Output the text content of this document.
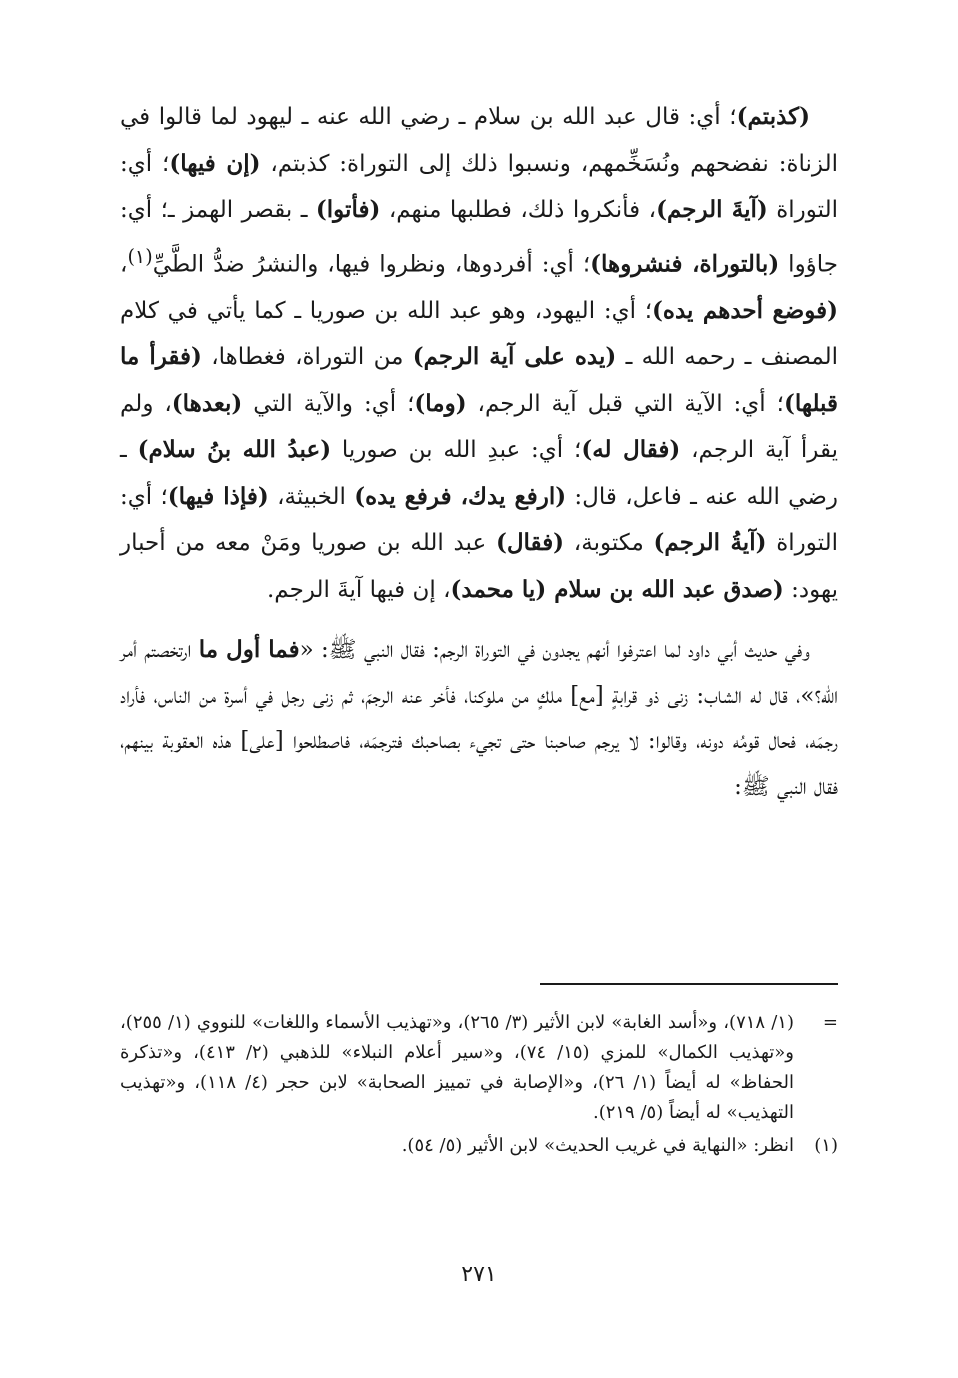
(كذبتم)؛ أي: قال عبد الله بن سلام ـ رضي الله عنه ـ ليهود لما قالوا في الزناة: نفضحهم ونُسَخِّمهم، ونسبوا ذلك إلى التوراة: كذبتم، (إن فيها)؛ أي: التوراة (آيةَ الرجم)، فأنكروا ذلك، فطلبها منهم، (فأتوا) ـ بقصر الهمز ـ؛ أي: جاؤوا (بالتوراة، فنشروها)؛ أي: أفردوها، ونظروا فيها، والنشرُ ضدُّ الطَّيِّ$^{(١)}$، (فوضع أحدهم يده)؛ أي: اليهود، وهو عبد الله بن صوريا ـ كما يأتي في كلام المصنف ـ رحمه الله ـ (يده على آية الرجم) من التوراة، فغطاها، (فقرأ ما قبلها)؛ أي: الآية التي قبل آية الرجم، (وما)؛ أي: والآية التي (بعدها)، ولم يقرأ آية الرجم، (فقال له)؛ أي: عبدِ الله بن صوريا (عبدُ الله بنُ سلام) ـ رضي الله عنه ـ فاعل، قال: (ارفع يدك، فرفع يده) الخبيثة، (فإذا فيها)؛ أي: التوراة (آيةُ الرجم) مكتوبة، (فقال) عبد الله بن صوريا ومَنْ معه من أحبار يهود: (صدق عبد الله بن سلام (يا محمد)، إن فيها آيةَ الرجم.

وفي حديث أبي داود لما اعترفوا أنهم يجدون في التوراة الرجم: فقال النبي ﷺ: «فما أول ما ارتخصتم أمر الله؟»، قال له الشاب: زنى ذو قرابةٍ [مع] ملكٍ من ملوكنا، فأخر عنه الرجمَ، ثم زنى رجل في أسرة من الناس، فأراد رجمَه، فحال قومُه دونه، وقالوا: لا يرجم صاحبنا حتى تجيء بصاحبك فترجمَه، فاصطلحوا [على] هذه العقوبة بينهم، فقال النبي ﷺ:

=
(١/ ٧١٨)، و«أسد الغابة» لابن الأثير (٣/ ٢٦٥)، و«تهذيب الأسماء واللغات» للنووي (١/ ٢٥٥)، و«تهذيب الكمال» للمزي (١٥/ ٧٤)، و«سير أعلام النبلاء» للذهبي (٢/ ٤١٣)، و«تذكرة الحفاظ» له أيضاً (١/ ٢٦)، و«الإصابة في تمييز الصحابة» لابن حجر (٤/ ١١٨)، و«تهذيب التهذيب» له أيضاً (٥/ ٢١٩).

(١)
انظر: «النهاية في غريب الحديث» لابن الأثير (٥/ ٥٤).

٢٧١
